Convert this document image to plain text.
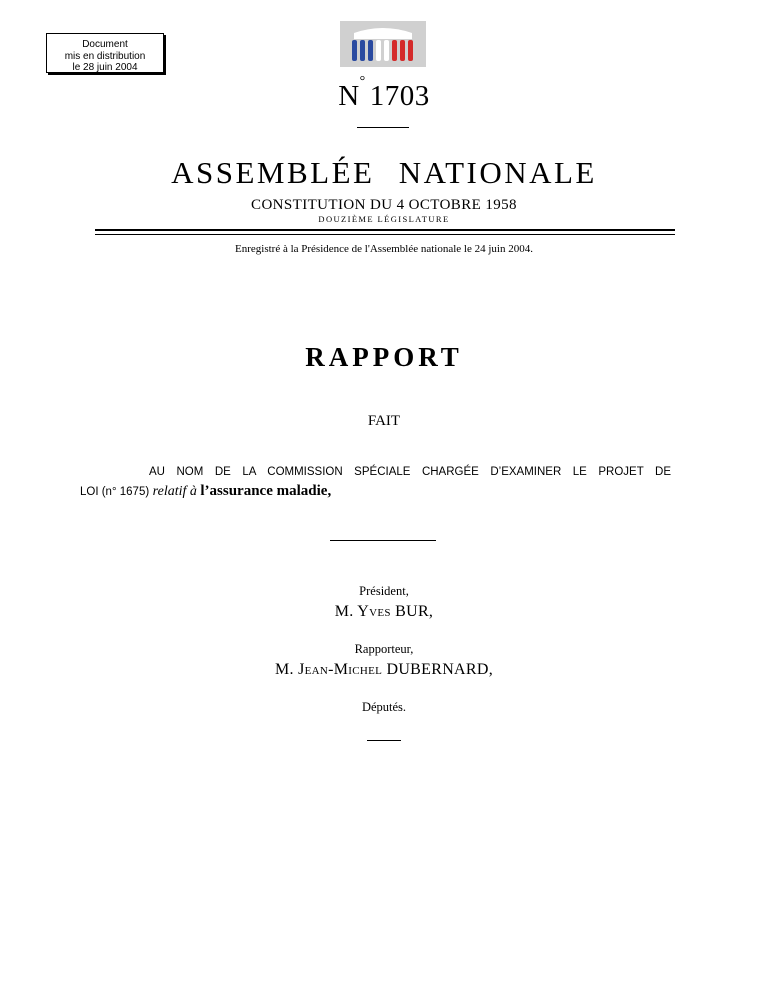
Document
mis en distribution
le 28 juin 2004
N° 1703
ASSEMBLÉE NATIONALE
CONSTITUTION DU 4 OCTOBRE 1958
DOUZIÈME LÉGISLATURE
Enregistré à la Présidence de l'Assemblée nationale le 24 juin 2004.
RAPPORT
FAIT
AU NOM DE LA COMMISSION SPÉCIALE CHARGÉE D’EXAMINER LE PROJET DE
LOI (n° 1675) relatif à l’assurance maladie,
Président,
M. Yves BUR,
Rapporteur,
M. Jean-Michel DUBERNARD,
Députés.
